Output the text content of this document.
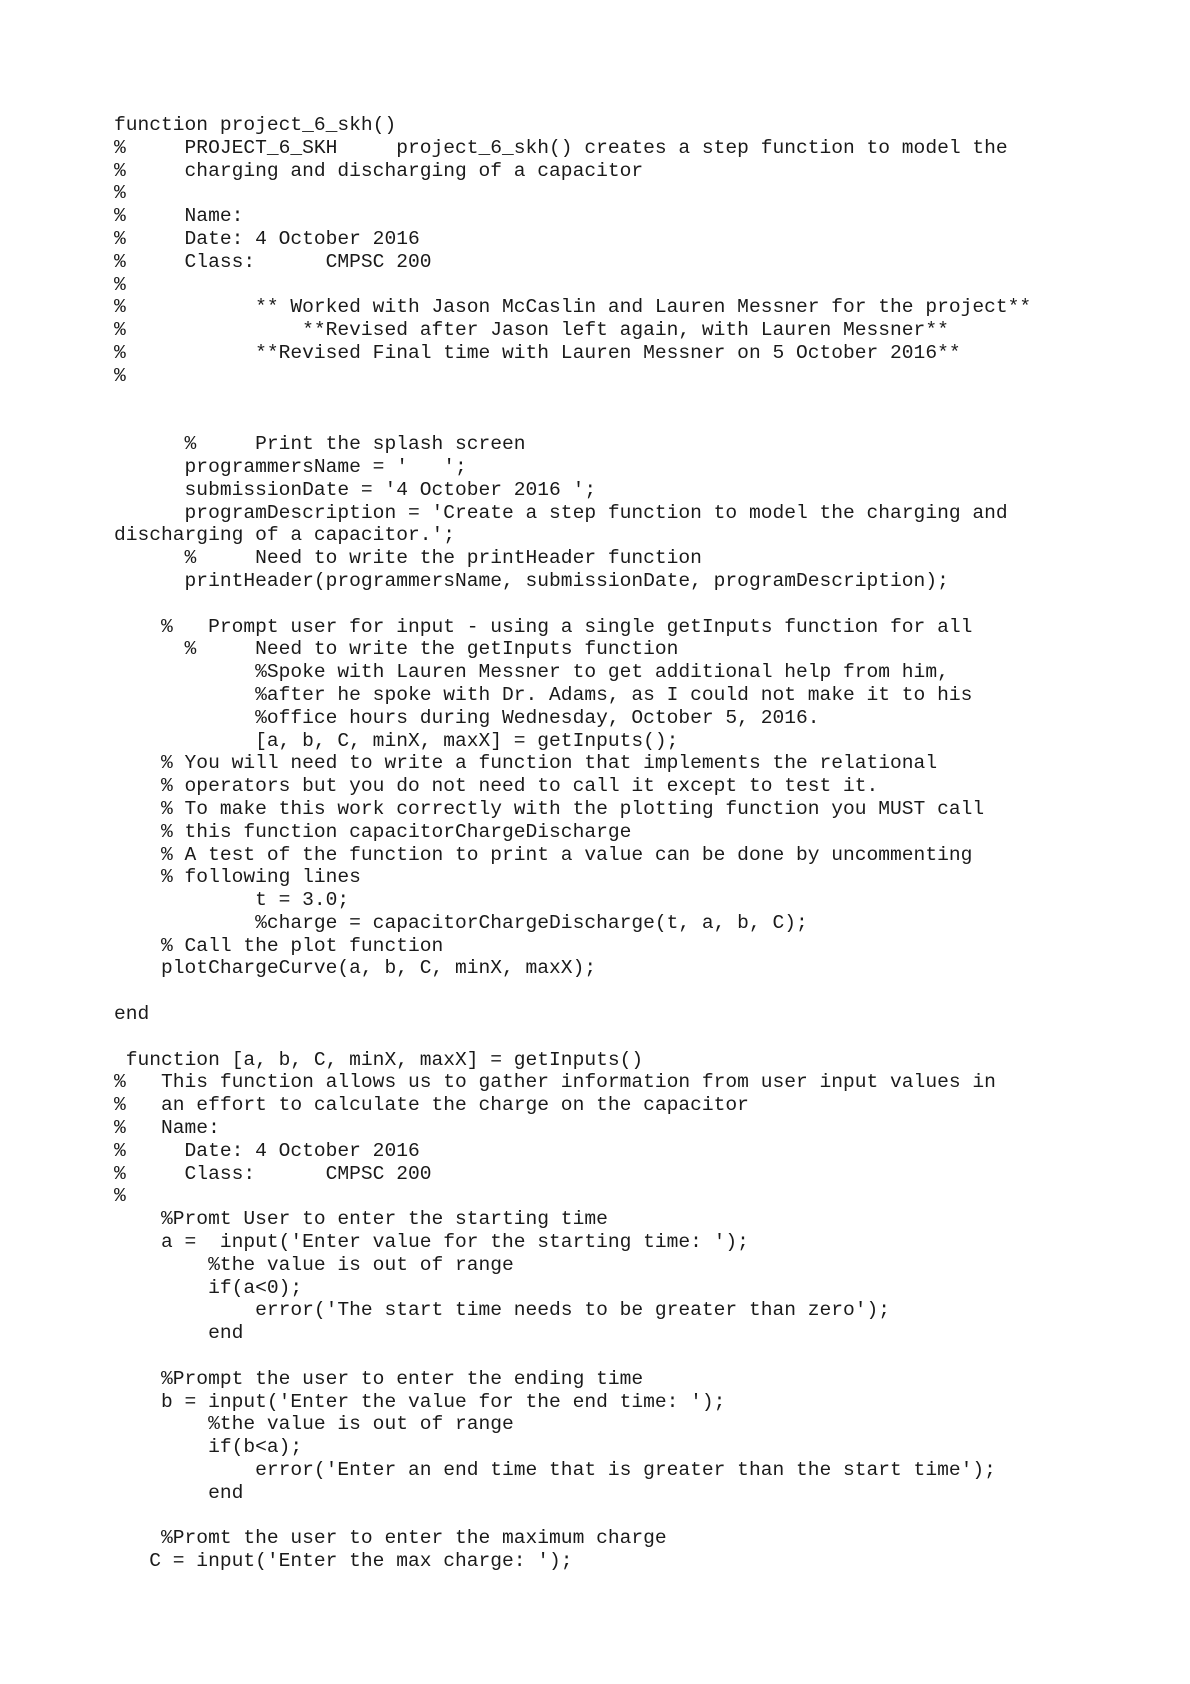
function project_6_skh()
%     PROJECT_6_SKH     project_6_skh() creates a step function to model the
%     charging and discharging of a capacitor
%
%     Name:
%     Date: 4 October 2016
%     Class:      CMPSC 200
%
%           ** Worked with Jason McCaslin and Lauren Messner for the project**
%               **Revised after Jason left again, with Lauren Messner**
%           **Revised Final time with Lauren Messner on 5 October 2016**
%
%     Print the splash screen
programmersName = '   ';
submissionDate = '4 October 2016 ';
programDescription = 'Create a step function to model the charging and
discharging of a capacitor.';
%     Need to write the printHeader function
printHeader(programmersName, submissionDate, programDescription);
%   Prompt user for input - using a single getInputs function for all
%     Need to write the getInputs function
%Spoke with Lauren Messner to get additional help from him,
%after he spoke with Dr. Adams, as I could not make it to his
%office hours during Wednesday, October 5, 2016.
[a, b, C, minX, maxX] = getInputs();
% You will need to write a function that implements the relational
% operators but you do not need to call it except to test it.
% To make this work correctly with the plotting function you MUST call
% this function capacitorChargeDischarge
% A test of the function to print a value can be done by uncommenting
% following lines
t = 3.0;
%charge = capacitorChargeDischarge(t, a, b, C);
% Call the plot function
plotChargeCurve(a, b, C, minX, maxX);
end
function [a, b, C, minX, maxX] = getInputs()
%   This function allows us to gather information from user input values in
%   an effort to calculate the charge on the capacitor
%   Name:
%     Date: 4 October 2016
%     Class:      CMPSC 200
%
%Promt User to enter the starting time
a =  input('Enter value for the starting time: ');
%the value is out of range
if(a<0);
error('The start time needs to be greater than zero');
end
%Prompt the user to enter the ending time
b = input('Enter the value for the end time: ');
%the value is out of range
if(b<a);
error('Enter an end time that is greater than the start time');
end
%Promt the user to enter the maximum charge
C = input('Enter the max charge: ');
